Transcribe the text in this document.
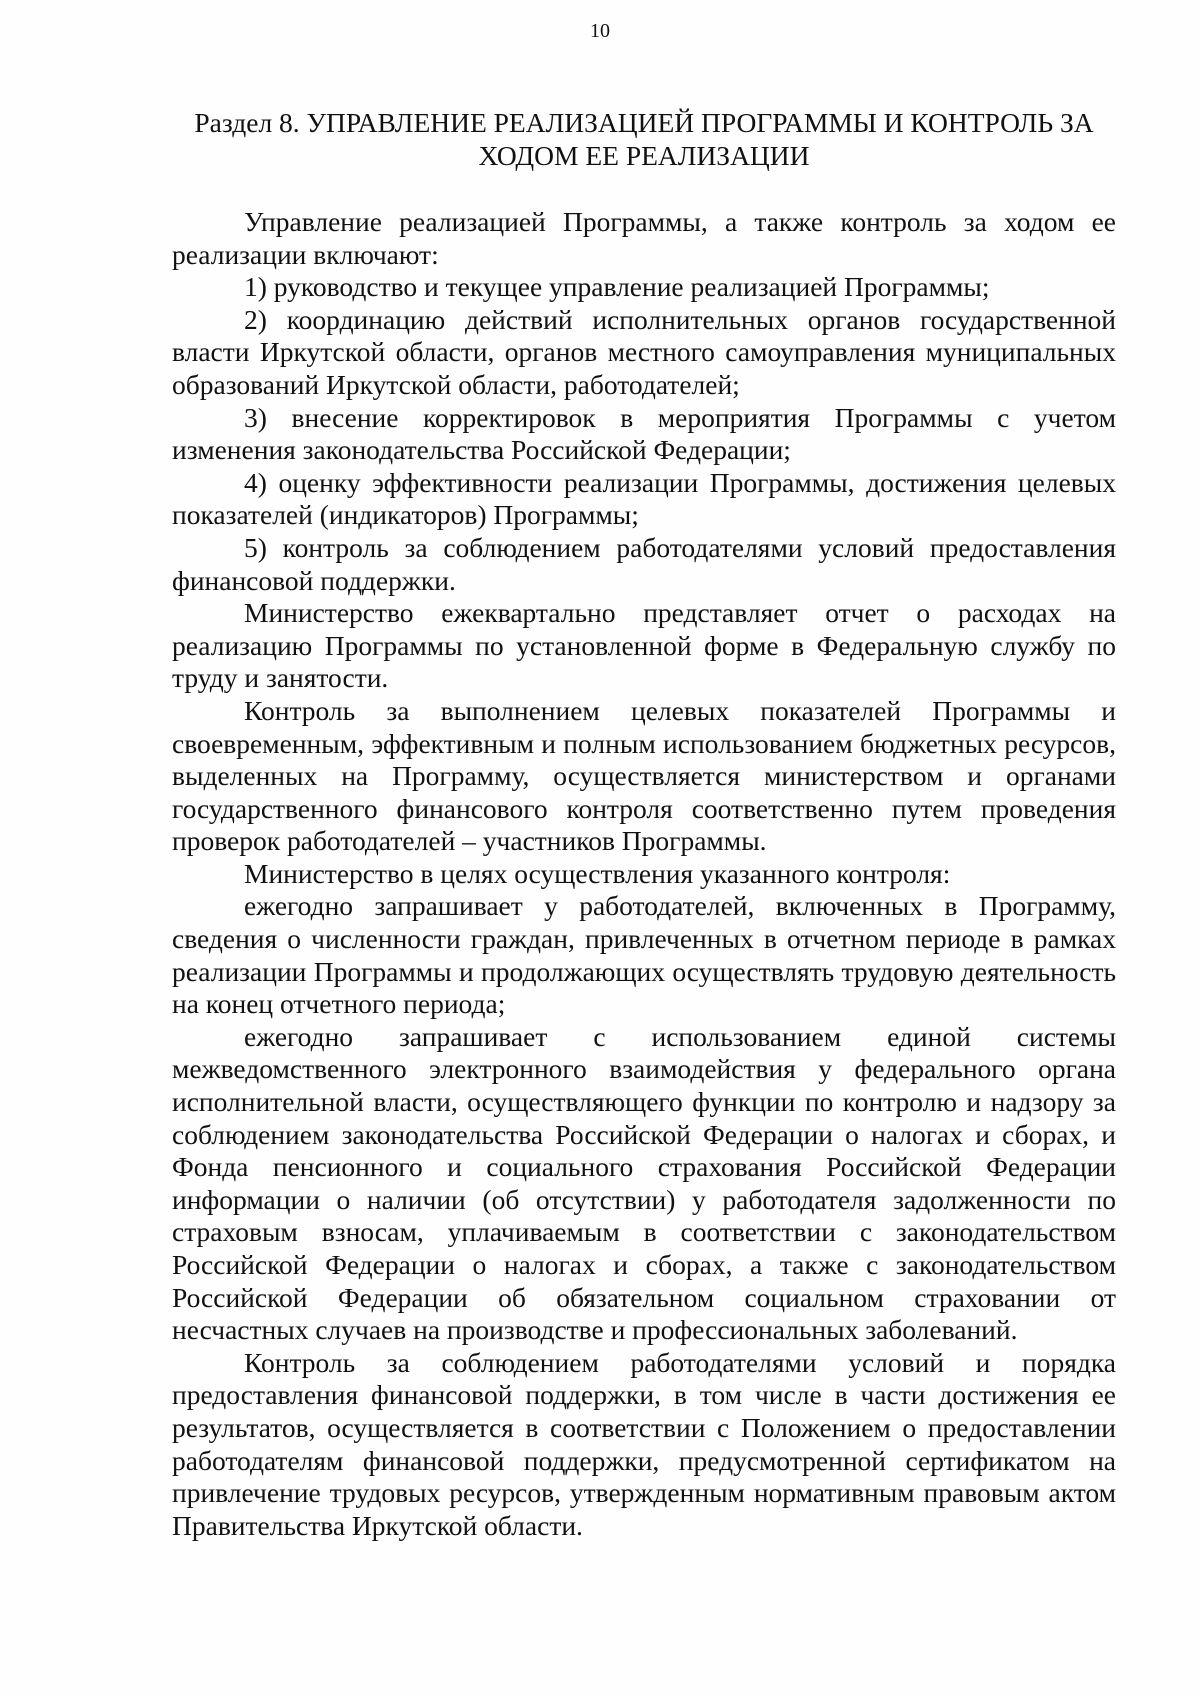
10
Раздел 8. УПРАВЛЕНИЕ РЕАЛИЗАЦИЕЙ ПРОГРАММЫ И КОНТРОЛЬ ЗА
ХОДОМ ЕЕ РЕАЛИЗАЦИИ

Управление реализацией Программы, а также контроль за ходом ее реализации включают:

1) руководство и текущее управление реализацией Программы;

2) координацию действий исполнительных органов государственной власти Иркутской области, органов местного самоуправления муниципальных образований Иркутской области, работодателей;

3) внесение корректировок в мероприятия Программы с учетом изменения законодательства Российской Федерации;

4) оценку эффективности реализации Программы, достижения целевых показателей (индикаторов) Программы;

5) контроль за соблюдением работодателями условий предоставления финансовой поддержки.

Министерство ежеквартально представляет отчет о расходах на реализацию Программы по установленной форме в Федеральную службу по труду и занятости.

Контроль за выполнением целевых показателей Программы и своевременным, эффективным и полным использованием бюджетных ресурсов, выделенных на Программу, осуществляется министерством и органами государственного финансового контроля соответственно путем проведения проверок работодателей – участников Программы.

Министерство в целях осуществления указанного контроля:

ежегодно запрашивает у работодателей, включенных в Программу, сведения о численности граждан, привлеченных в отчетном периоде в рамках реализации Программы и продолжающих осуществлять трудовую деятельность на конец отчетного периода;

ежегодно запрашивает с использованием единой системы межведомственного электронного взаимодействия у федерального органа исполнительной власти, осуществляющего функции по контролю и надзору за соблюдением законодательства Российской Федерации о налогах и сборах, и Фонда пенсионного и социального страхования Российской Федерации информации о наличии (об отсутствии) у работодателя задолженности по страховым взносам, уплачиваемым в соответствии с законодательством Российской Федерации о налогах и сборах, а также с законодательством Российской Федерации об обязательном социальном страховании от несчастных случаев на производстве и профессиональных заболеваний.

Контроль за соблюдением работодателями условий и порядка предоставления финансовой поддержки, в том числе в части достижения ее результатов, осуществляется в соответствии с Положением о предоставлении работодателям финансовой поддержки, предусмотренной сертификатом на привлечение трудовых ресурсов, утвержденным нормативным правовым актом Правительства Иркутской области.
